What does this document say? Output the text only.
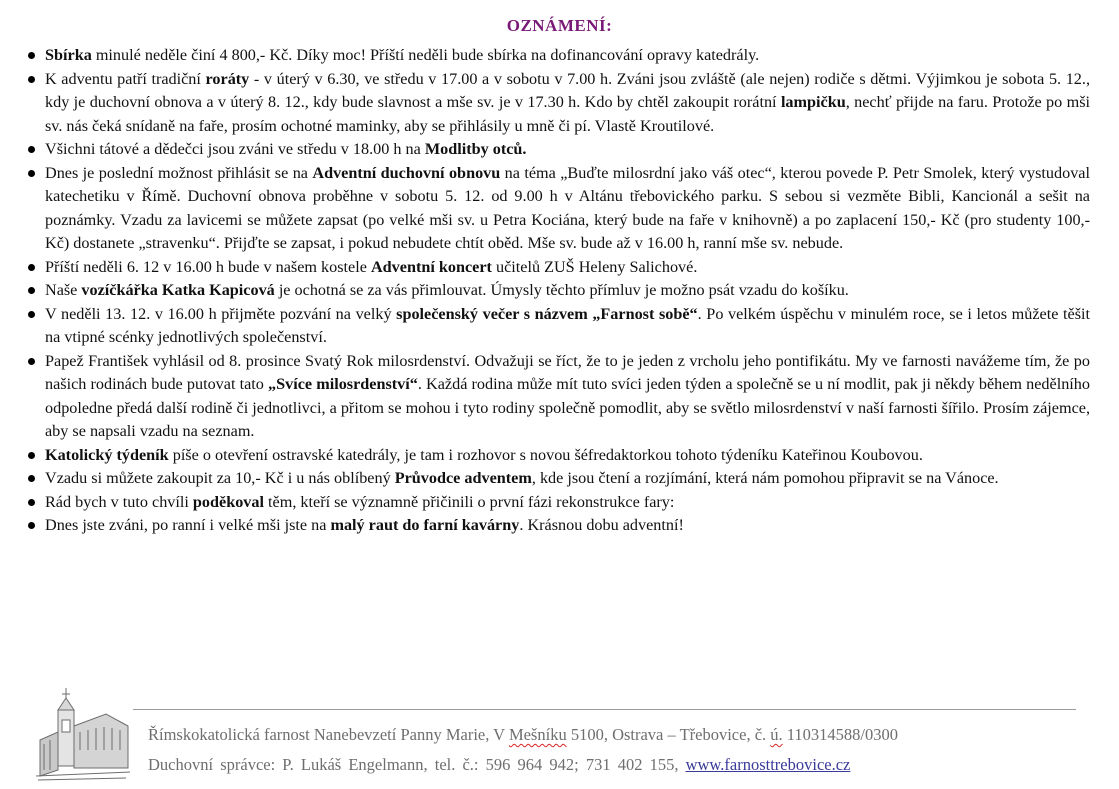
OZNÁMENÍ:
Sbírka minulé neděle činí 4 800,- Kč. Díky moc! Příští neděli bude sbírka na dofinancování opravy katedrály.
K adventu patří tradiční roráty - v úterý v 6.30, ve středu v 17.00 a v sobotu v 7.00 h. Zváni jsou zvláště (ale nejen) rodiče s dětmi. Výjimkou je sobota 5. 12., kdy je duchovní obnova a v úterý 8. 12., kdy bude slavnost a mše sv. je v 17.30 h. Kdo by chtěl zakoupit rorátní lampičku, nechť přijde na faru. Protože po mši sv. nás čeká snídaně na faře, prosím ochotné maminky, aby se přihlásily u mně či pí. Vlastě Kroutilové.
Všichni tátové a dědečci jsou zváni ve středu v 18.00 h na Modlitby otců.
Dnes je poslední možnost přihlásit se na Adventní duchovní obnovu na téma „Buďte milosrdní jako váš otec“, kterou povede P. Petr Smolek, který vystudoval katechetiku v Římě. Duchovní obnova proběhne v sobotu 5. 12. od 9.00 h v Altánu třebovického parku. S sebou si vezměte Bibli, Kancionál a sešit na poznámky. Vzadu za lavicemi se můžete zapsat (po velké mši sv. u Petra Kociána, který bude na faře v knihovně) a po zaplacení 150,- Kč (pro studenty 100,- Kč) dostanete „stravenku“. Přijďte se zapsat, i pokud nebudete chtít oběd. Mše sv. bude až v 16.00 h, ranní mše sv. nebude.
Příští neděli 6. 12 v 16.00 h bude v našem kostele Adventní koncert učitelů ZUŠ Heleny Salichové.
Naše vozíčkářka Katka Kapicová je ochotná se za vás přimlouvat. Úmysly těchto přímluv je možno psát vzadu do košíku.
V neděli 13. 12. v 16.00 h přijměte pozvání na velký společenský večer s názvem „Farnost sobě“. Po velkém úspěchu v minulém roce, se i letos můžete těšit na vtipné scénky jednotlivých společenství.
Papež František vyhlásil od 8. prosince Svatý Rok milosrdenství. Odvažuji se říct, že to je jeden z vrcholu jeho pontifikátu. My ve farnosti navážeme tím, že po našich rodinách bude putovat tato „Svíce milosrdenství“. Každá rodina může mít tuto svíci jeden týden a společně se u ní modlit, pak ji někdy během nedělního odpoledne předá další rodině či jednotlivci, a přitom se mohou i tyto rodiny společně pomodlit, aby se světlo milosrdenství v naší farnosti šířilo. Prosím zájemce, aby se napsali vzadu na seznam.
Katolický týdeník píše o otevření ostravské katedrály, je tam i rozhovor s novou šéfredaktorkou tohoto týdeníku Kateřinou Koubovou.
Vzadu si můžete zakoupit za 10,- Kč i u nás oblíbený Průvodce adventem, kde jsou čtení a rozjímání, která nám pomohou připravit se na Vánoce.
Rád bych v tuto chvíli poděkoval těm, kteří se významně přičinili o první fázi rekonstrukce fary:
Dnes jste zváni, po ranní i velké mši jste na malý raut do farní kavárny. Krásnou dobu adventní!
Římskokatolická farnost Nanebevzetí Panny Marie, V Mešníku 5100, Ostrava – Třebovice, č. ú. 110314588/0300
Duchovní správce: P. Lukáš Engelmann, tel. č.: 596 964 942; 731 402 155, www.farnosttrebovice.cz
